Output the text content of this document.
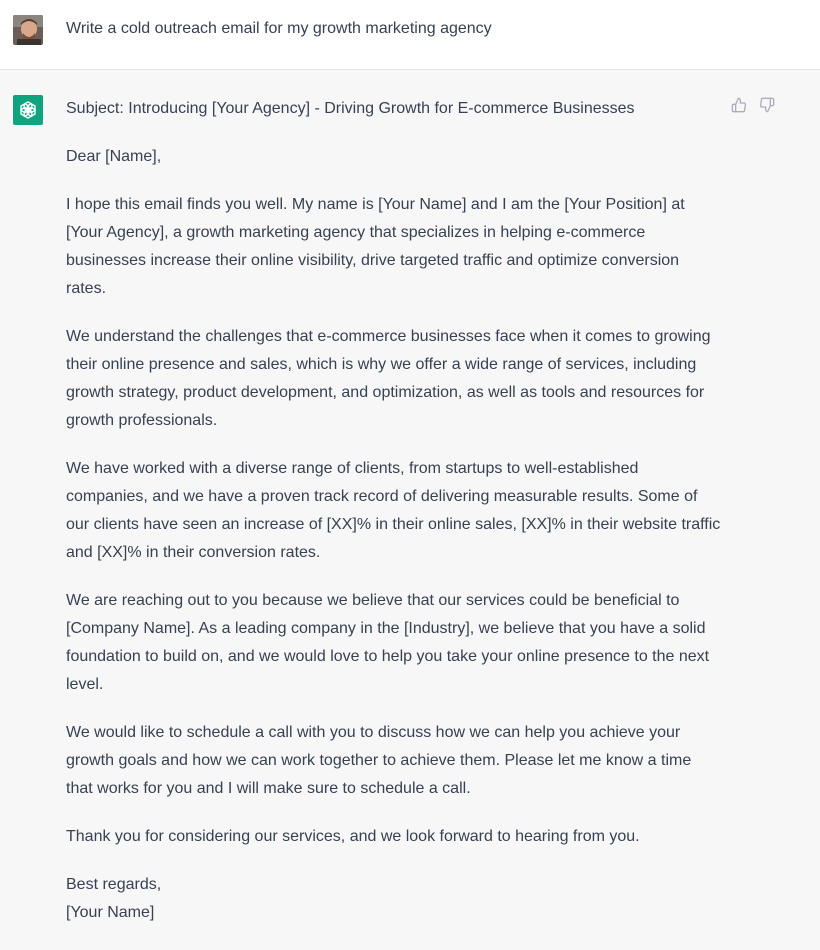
Write a cold outreach email for my growth marketing agency

Subject: Introducing [Your Agency] - Driving Growth for E-commerce Businesses

Dear [Name],

I hope this email finds you well. My name is [Your Name] and I am the [Your Position] at [Your Agency], a growth marketing agency that specializes in helping e-commerce businesses increase their online visibility, drive targeted traffic and optimize conversion rates.

We understand the challenges that e-commerce businesses face when it comes to growing their online presence and sales, which is why we offer a wide range of services, including growth strategy, product development, and optimization, as well as tools and resources for growth professionals.

We have worked with a diverse range of clients, from startups to well-established companies, and we have a proven track record of delivering measurable results. Some of our clients have seen an increase of [XX]% in their online sales, [XX]% in their website traffic and [XX]% in their conversion rates.

We are reaching out to you because we believe that our services could be beneficial to [Company Name]. As a leading company in the [Industry], we believe that you have a solid foundation to build on, and we would love to help you take your online presence to the next level.

We would like to schedule a call with you to discuss how we can help you achieve your growth goals and how we can work together to achieve them. Please let me know a time that works for you and I will make sure to schedule a call.

Thank you for considering our services, and we look forward to hearing from you.

Best regards,
[Your Name]
